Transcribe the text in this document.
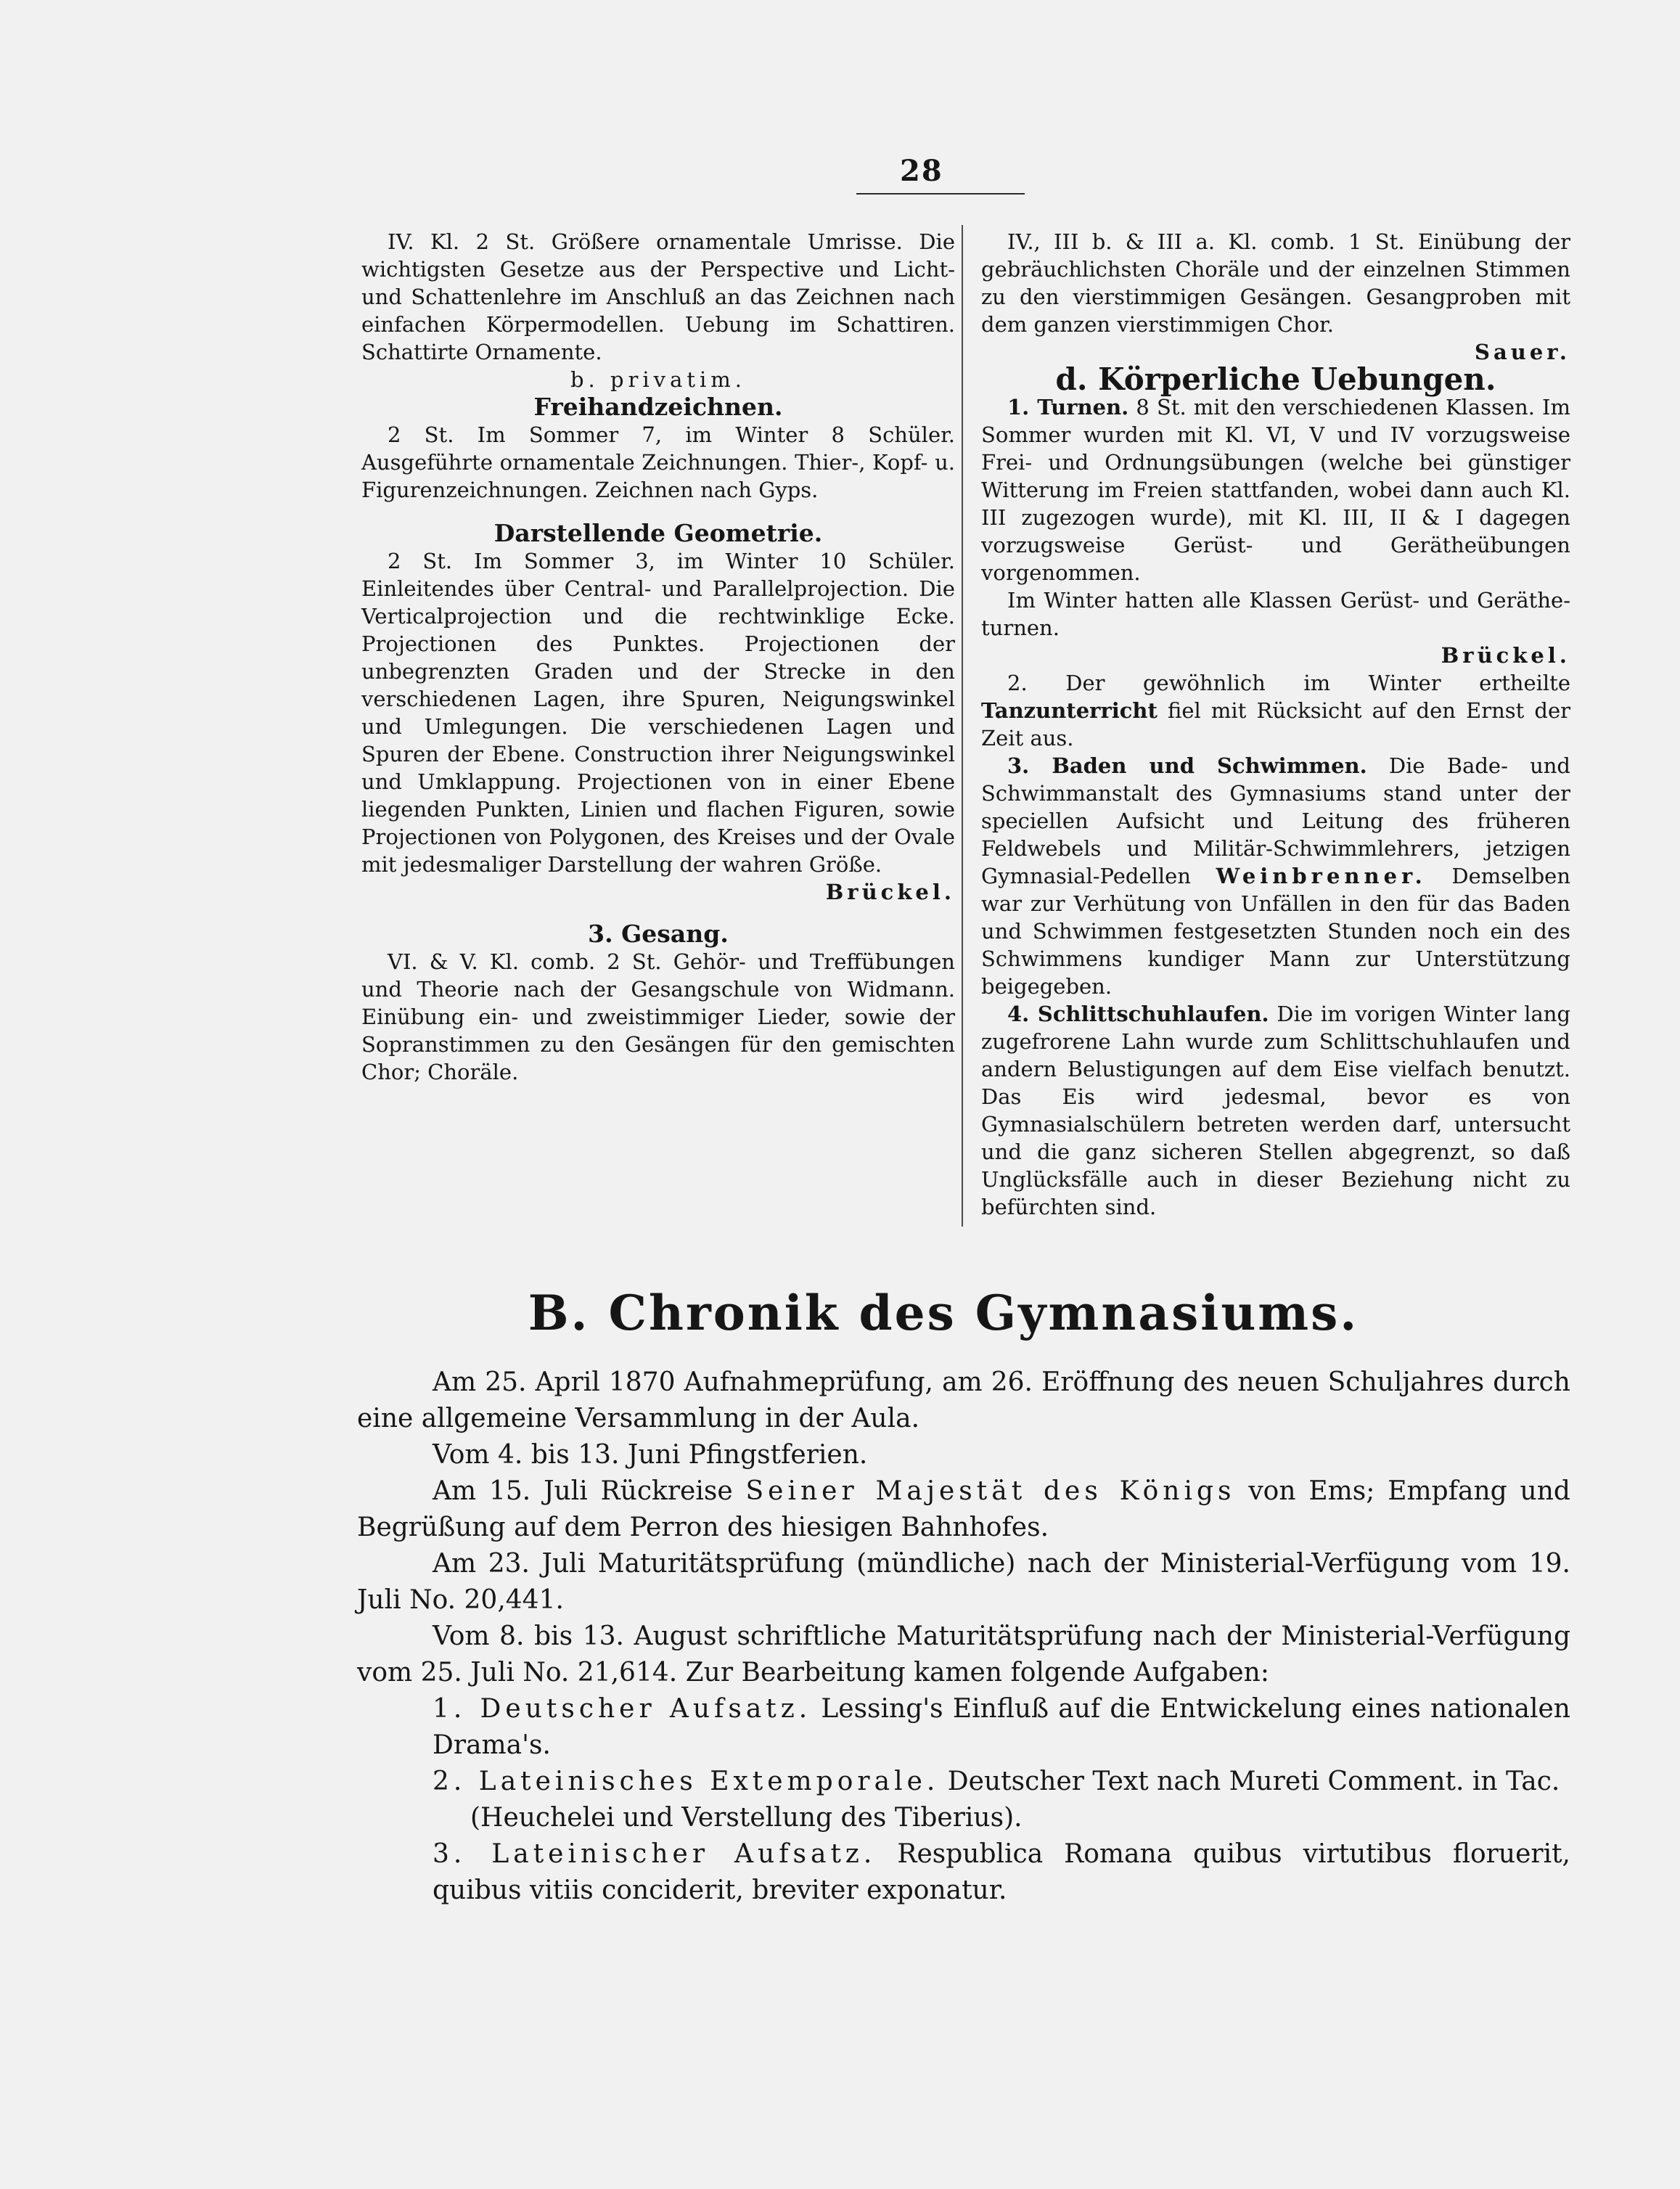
28

IV. Kl. 2 St. Größere ornamentale Umrisse. Die wichtigsten Gesetze aus der Perspective und Licht- und Schattenlehre im Anschluß an das Zeichnen nach einfachen Körpermodellen. Uebung im Schattiren. Schattirte Ornamente.

b. privatim.

Freihandzeichnen.

2 St. Im Sommer 7, im Winter 8 Schüler. Ausgeführte ornamentale Zeichnungen. Thier-, Kopf- u. Figurenzeichnungen. Zeichnen nach Gyps.

Darstellende Geometrie.

2 St. Im Sommer 3, im Winter 10 Schüler. Einleitendes über Central- und Parallelprojection. Die Verticalprojection und die rechtwinklige Ecke. Projectionen des Punktes. Projectionen der unbegrenzten Graden und der Strecke in den verschiedenen Lagen, ihre Spuren, Neigungswinkel und Umlegungen. Die verschiedenen Lagen und Spuren der Ebene. Construction ihrer Neigungswinkel und Umklappung. Projectionen von in einer Ebene liegenden Punkten, Linien und flachen Figuren, sowie Projectionen von Polygonen, des Kreises und der Ovale mit jedesmaliger Darstellung der wahren Größe.

Brückel.

3. Gesang.

VI. & V. Kl. comb. 2 St. Gehör- und Treffübungen und Theorie nach der Gesangschule von Widmann. Einübung ein- und zweistimmiger Lieder, sowie der Sopranstimmen zu den Gesängen für den gemischten Chor; Choräle.

IV., III b. & III a. Kl. comb. 1 St. Einübung der gebräuchlichsten Choräle und der einzelnen Stimmen zu den vierstimmigen Gesängen. Gesangproben mit dem ganzen vierstimmigen Chor.

Sauer.

d. Körperliche Uebungen.

1. Turnen. 8 St. mit den verschiedenen Klassen. Im Sommer wurden mit Kl. VI, V und IV vorzugsweise Frei- und Ordnungsübungen (welche bei günstiger Witterung im Freien stattfanden, wobei dann auch Kl. III zugezogen wurde), mit Kl. III, II & I dagegen vorzugsweise Gerüst- und Gerätheübungen vorgenommen.

Im Winter hatten alle Klassen Gerüst- und Gerätheturnen.

Brückel.

2. Der gewöhnlich im Winter ertheilte Tanzunterricht fiel mit Rücksicht auf den Ernst der Zeit aus.

3. Baden und Schwimmen. Die Bade- und Schwimmanstalt des Gymnasiums stand unter der speciellen Aufsicht und Leitung des früheren Feldwebels und Militär-Schwimmlehrers, jetzigen Gymnasial-Pedellen Weinbrenner. Demselben war zur Verhütung von Unfällen in den für das Baden und Schwimmen festgesetzten Stunden noch ein des Schwimmens kundiger Mann zur Unterstützung beigegeben.

4. Schlittschuhlaufen. Die im vorigen Winter lang zugefrorene Lahn wurde zum Schlittschuhlaufen und andern Belustigungen auf dem Eise vielfach benutzt. Das Eis wird jedesmal, bevor es von Gymnasialschülern betreten werden darf, untersucht und die ganz sicheren Stellen abgegrenzt, so daß Unglücksfälle auch in dieser Beziehung nicht zu befürchten sind.

B. Chronik des Gymnasiums.

Am 25. April 1870 Aufnahmeprüfung, am 26. Eröffnung des neuen Schuljahres durch eine allgemeine Versammlung in der Aula.

Vom 4. bis 13. Juni Pfingstferien.

Am 15. Juli Rückreise Seiner Majestät des Königs von Ems; Empfang und Begrüßung auf dem Perron des hiesigen Bahnhofes.

Am 23. Juli Maturitätsprüfung (mündliche) nach der Ministerial-Verfügung vom 19. Juli No. 20,441.

Vom 8. bis 13. August schriftliche Maturitätsprüfung nach der Ministerial-Verfügung vom 25. Juli No. 21,614. Zur Bearbeitung kamen folgende Aufgaben:

1. Deutscher Aufsatz. Lessing's Einfluß auf die Entwickelung eines nationalen Drama's.

2. Lateinisches Extemporale. Deutscher Text nach Mureti Comment. in Tac.

(Heuchelei und Verstellung des Tiberius).

3. Lateinischer Aufsatz. Respublica Romana quibus virtutibus floruerit, quibus vitiis conciderit, breviter exponatur.
